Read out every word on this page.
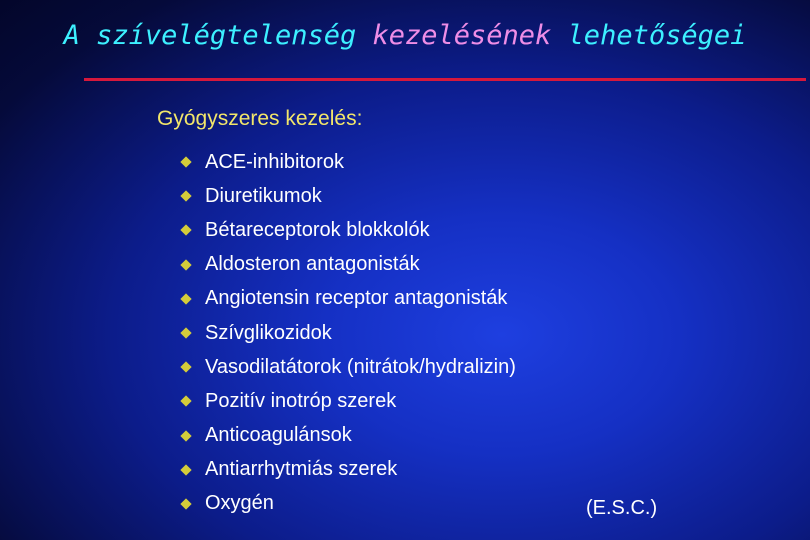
A szívelégtelenség kezelésének lehetőségei
Gyógyszeres kezelés:
ACE-inhibitorok
Diuretikumok
Bétareceptorok blokkolók
Aldosteron antagonisták
Angiotensin receptor antagonisták
Szívglikozidok
Vasodilatátorok (nitrátok/hydralizin)
Pozitív inotróp szerek
Anticoagulánsok
Antiarrhytmiás szerek
Oxygén	(E.S.C.)
